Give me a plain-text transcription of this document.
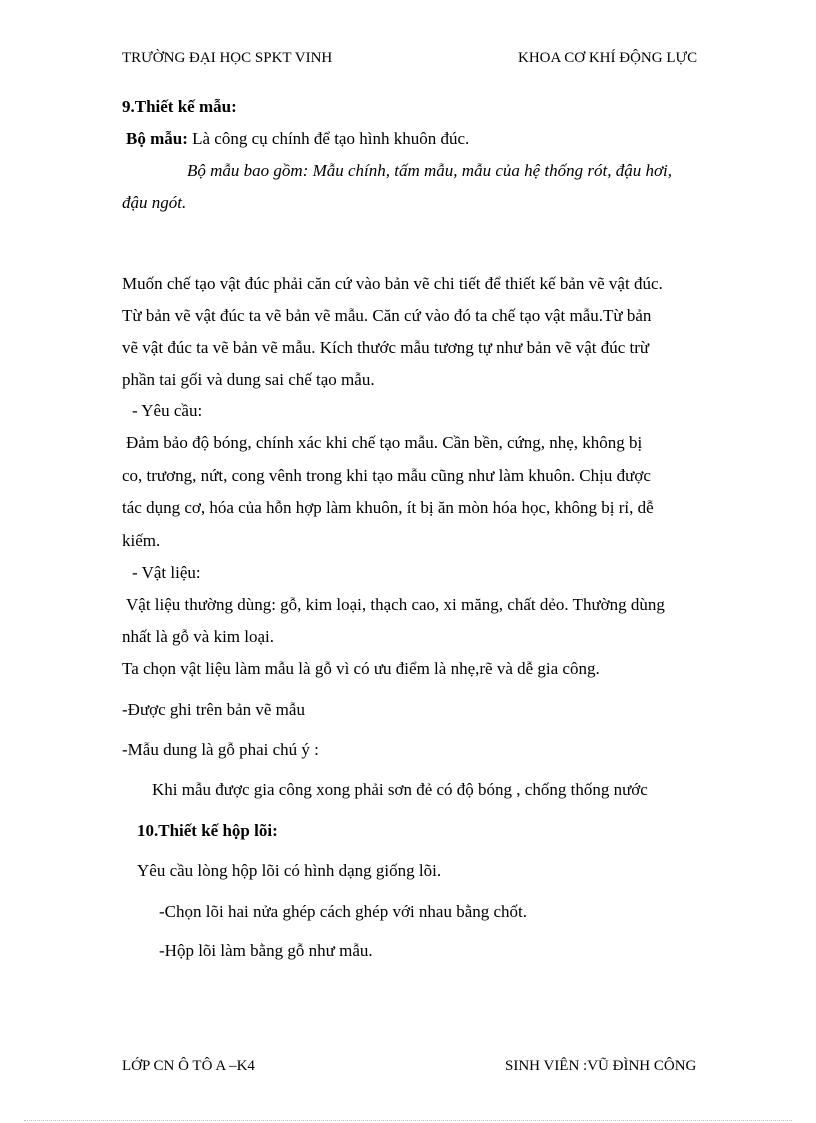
TRƯỜNG ĐẠI HỌC SPKT VINH	KHOA CƠ KHÍ ĐỘNG LỰC
9.Thiết kế mẫu:
Bộ mẫu: Là công cụ chính để tạo hình khuôn đúc.
Bộ mẫu bao gồm: Mẫu chính, tấm mẫu, mẫu của hệ thống rót, đậu hơi,
đậu ngót.
Muốn chế tạo vật đúc phải căn cứ vào bản vẽ chi tiết để thiết kế bản vẽ vật đúc.
Từ bản vẽ vật đúc ta vẽ bản vẽ mẫu. Căn cứ vào đó ta chế tạo vật mẫu.Từ bản
vẽ vật đúc ta vẽ bản vẽ mẫu. Kích thước mẫu tương tự như bản vẽ vật đúc trừ
phần tai gối và dung sai chế tạo mẫu.
- Yêu cầu:
Đảm bảo độ bóng, chính xác khi chế tạo mẫu. Cần bền, cứng, nhẹ, không bị
co, trương, nứt, cong vênh trong khi tạo mẫu cũng như làm khuôn. Chịu được
tác dụng cơ, hóa của hỗn hợp làm khuôn, ít bị ăn mòn hóa học, không bị rỉ, dễ
kiếm.
- Vật liệu:
Vật liệu thường dùng: gỗ, kim loại, thạch cao, xi măng, chất dẻo. Thường dùng
nhất là gỗ và kim loại.
Ta chọn vật liệu làm mẫu là gỗ vì có ưu điểm là nhẹ,rẽ và dễ gia công.
-Được ghi trên bản vẽ mẫu
-Mẫu dung là gỗ phai chú ý :
Khi mẫu được gia công xong phải sơn đẻ có độ bóng , chống thống nước
10.Thiết kế hộp lõi:
Yêu cầu lòng hộp lõi có hình dạng giống lõi.
-Chọn lõi hai nửa ghép cách ghép với nhau bằng chốt.
-Hộp lõi làm bằng gỗ như mẫu.
LỚP CN Ô TÔ A –K4	SINH VIÊN :VŨ ĐÌNH CÔNG
